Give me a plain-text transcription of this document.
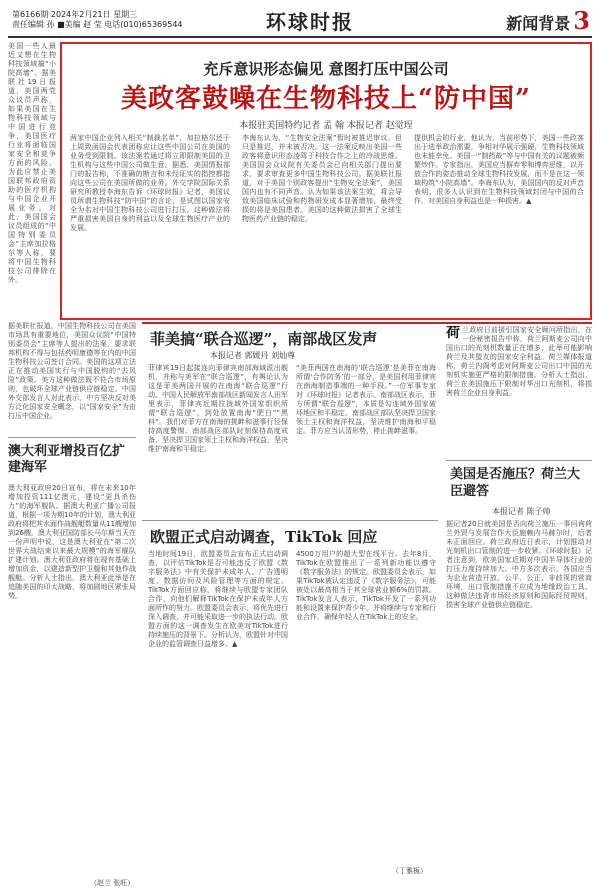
第6166期 2024年2月21日 星期三
责任编辑 孙 ■美编 赵 莹 电话(010)65369544	环球时报	新闻背景 3
美国一些人最近又想在生物科技领域搞“小院高墙”。据美联社19日报道，美国两党众议员声称，如果美国在生物科技领域与中国进行竞争，美国医疗行业将面临国家安全和竞争方面的风险。为此应禁止美国联邦政府资助的医疗机构与中国企业开展业务。对此，美国国会议员组成的“中国特别委员会”主席加拉格尔等人称，要将中国生物科技公司排除在外。
据美联社报道，中国生物科技公司在美国市场具有重要地位，美国众议院“中国特别委员会”主席等人提出的法案，要求联邦机构不得与包括药明康德等在内的中国生物科技公司签订合同。美国的这项立法正在推动美国实行与中国脱钩的“去风险”政策。美方这种做法既不符合市场原则，也破坏全球产业链供应链稳定。中国外交部发言人对此表示，中方坚决反对美方泛化国家安全概念，以“国家安全”为由打压中国企业。
充斥意识形态偏见 意图打压中国公司
美政客鼓噪在生物科技上“防中国”
本报驻美国特约记者 孟 翰 本报记者 赵觉珵
两家中国企业列入相关“制裁名单”，加拉格尔还于上周致函国会代表团称应让这些中国公司在美国的业务受到限制。该法案若通过将立即限制美国的卫生机构与这些中国公司做生意。据悉，美国情报部门的报告称，不准确的断言和未经证实的指控都指向这些公司在美国所做的业务。外交学院国际关系研究所教授李海东告诉《环球时报》记者，美国议员所谓生物科技“防中国”的言论，是试图以国家安全为名对中国生物科技公司进行打压。这种做法将严重损害美国自身的利益以及全球生物医疗产业的发展。
李海东认为，“生物安全法案”暂时被推迟审议，但只是推迟，并未被否决。这一法案反映出美国一些政客将意识形态凌驾于科技合作之上的冷战思维。美国国会众议院有关委员会已向相关部门提出要求，要求审查更多中国生物科技公司。据美联社报道，对于美国个别政客提出“生物安全法案”，美国国内也有不同声音。认为如果该法案生效，将会导致美国临床试验和药物研发成本显著增加，最终受损的将是美国患者。美国的这种做法损害了全球生物医药产业链的稳定。
提供机会的行业，他认为，当前形势下，美国一些政客出于选举政治需要，争相对华展示强硬，生物科技领域也未能幸免。美国一“制药战”等与中国有关的议题被频繁炒作。专家指出，美国应当摒弃零和博弈思维，以开放合作的姿态推动全球生物科技发展，而不是在这一领域构筑“小院高墙”。李海东认为，美国国内的反对声音表明，很多人认识到在生物科技领域封闭与中国的合作，对美国自身利益也是一种损害。▲
澳大利亚增投百亿扩建海军
澳大利亚政府20日宣布，将在未来10年增加投资111亿澳元，建设“更具杀伤力”的海军舰队。据澳大利亚广播公司报道，根据一项为期10年的计划，澳大利亚政府将把其水面作战舰艇数量从11艘增加到26艘。澳大利亚国防部长马尔斯当天在一份声明中说，这是澳大利亚在“第二次世界大战结束以来最大规模”的海军舰队扩建计划。澳大利亚政府将在现有基础上增加资金，以建造新型护卫舰和其他作战舰艇。分析人士指出，澳大利亚此举是在追随美国的印太战略，将加剧地区紧张局势。
（赵兰 张旺）
菲美搞“联合巡逻”，南部战区发声
本报记者 郭媛丹 刘灿尊
菲律宾19日起接连向菲律宾南部海域派出舰机，并称与美军在“联合巡逻”，有舆论认为这是菲美两国开展的在南海“联合巡逻”行动。中国人民解放军南部战区新闻发言人田军里表示，菲律宾近期拉拢域外国家组织所谓“联合巡逻”，到处放置南海“肥白”“黑料”。我们对菲方在南海的挑衅和滋事行径保持高度警惕。南部战区部队时刻保持高度戒备，坚决捍卫国家领土主权和海洋权益，坚决维护南海和平稳定。
“美菲两国在南海的‘联合巡逻’是美菲在南海所谓‘合作防务’的一部分，是美国利用菲律宾在南海制造事端的一种手段。”一位军事专家对《环球时报》记者表示。南部战区表示，菲方所谓“联合巡逻”，本质是勾连域外国家破坏地区和平稳定。南部战区部队坚决捍卫国家领土主权和海洋权益，坚决维护南海和平稳定。菲方应当认清形势，停止挑衅滋事。
荷兰政府日前援引国家安全顾问所指出，在一份秘密报告中称，荷兰阿斯麦公司向中国出口的光刻机数量正在增多，此举可能影响荷兰及其盟友的国家安全利益。荷兰媒体报道称，荷兰内阁考虑对阿斯麦公司出口中国的光刻机实施更严格的限制措施。分析人士指出，荷兰在美国施压下限制对华出口光刻机，将损害荷兰企业自身利益。
美国是否施压？荷兰大臣避答
本报记者 陈子帅
据记者20日就美国是否向荷兰施压一事问询荷兰外贸与发展合作大臣施赖内马赫尔时，后者未正面回应。荷兰政府近日表示，计划推动对光刻机出口管制的进一步收紧。《环球时报》记者注意到，欧美国家近期对中国半导体行业的打压力度持续加大。中方多次表示，各国应当为企业营造开放、公平、公正、非歧视的营商环境，出口管制措施不应成为地缘政治工具。这种做法违背市场经济原则和国际经贸规则，损害全球产业链供应链稳定。
欧盟正式启动调查，TikTok 回应
当地时间19日，欧盟委员会宣布正式启动调查，以评估TikTok是否可能违反了欧盟《数字服务法》中有关保护未成年人、广告透明度、数据访问及风险管理等方面的规定。TikTok方面回应称，将继续与欧盟专家团队合作，向他们解释TikTok在保护未成年人方面所作的努力。欧盟委员会表示，将优先进行深入调查，并可能采取进一步的执法行动。欧盟方面的这一调查发生在欧美对TikTok进行持续施压的背景下。分析认为，欧盟针对中国企业的监管调查日益增多。▲
4500万用户的超大型在线平台。去年8月，TikTok在欧盟推出了一系列新功能以遵守《数字服务法》的规定。欧盟委员会表示，如果TikTok被认定违反了《数字服务法》，可能被处以最高相当于其全球营业额6%的罚款。TikTok发言人表示，TikTok开发了一系列功能和设置来保护青少年，并将继续与专家和行业合作，确保年轻人在TikTok上的安全。
（丁雅栀）
